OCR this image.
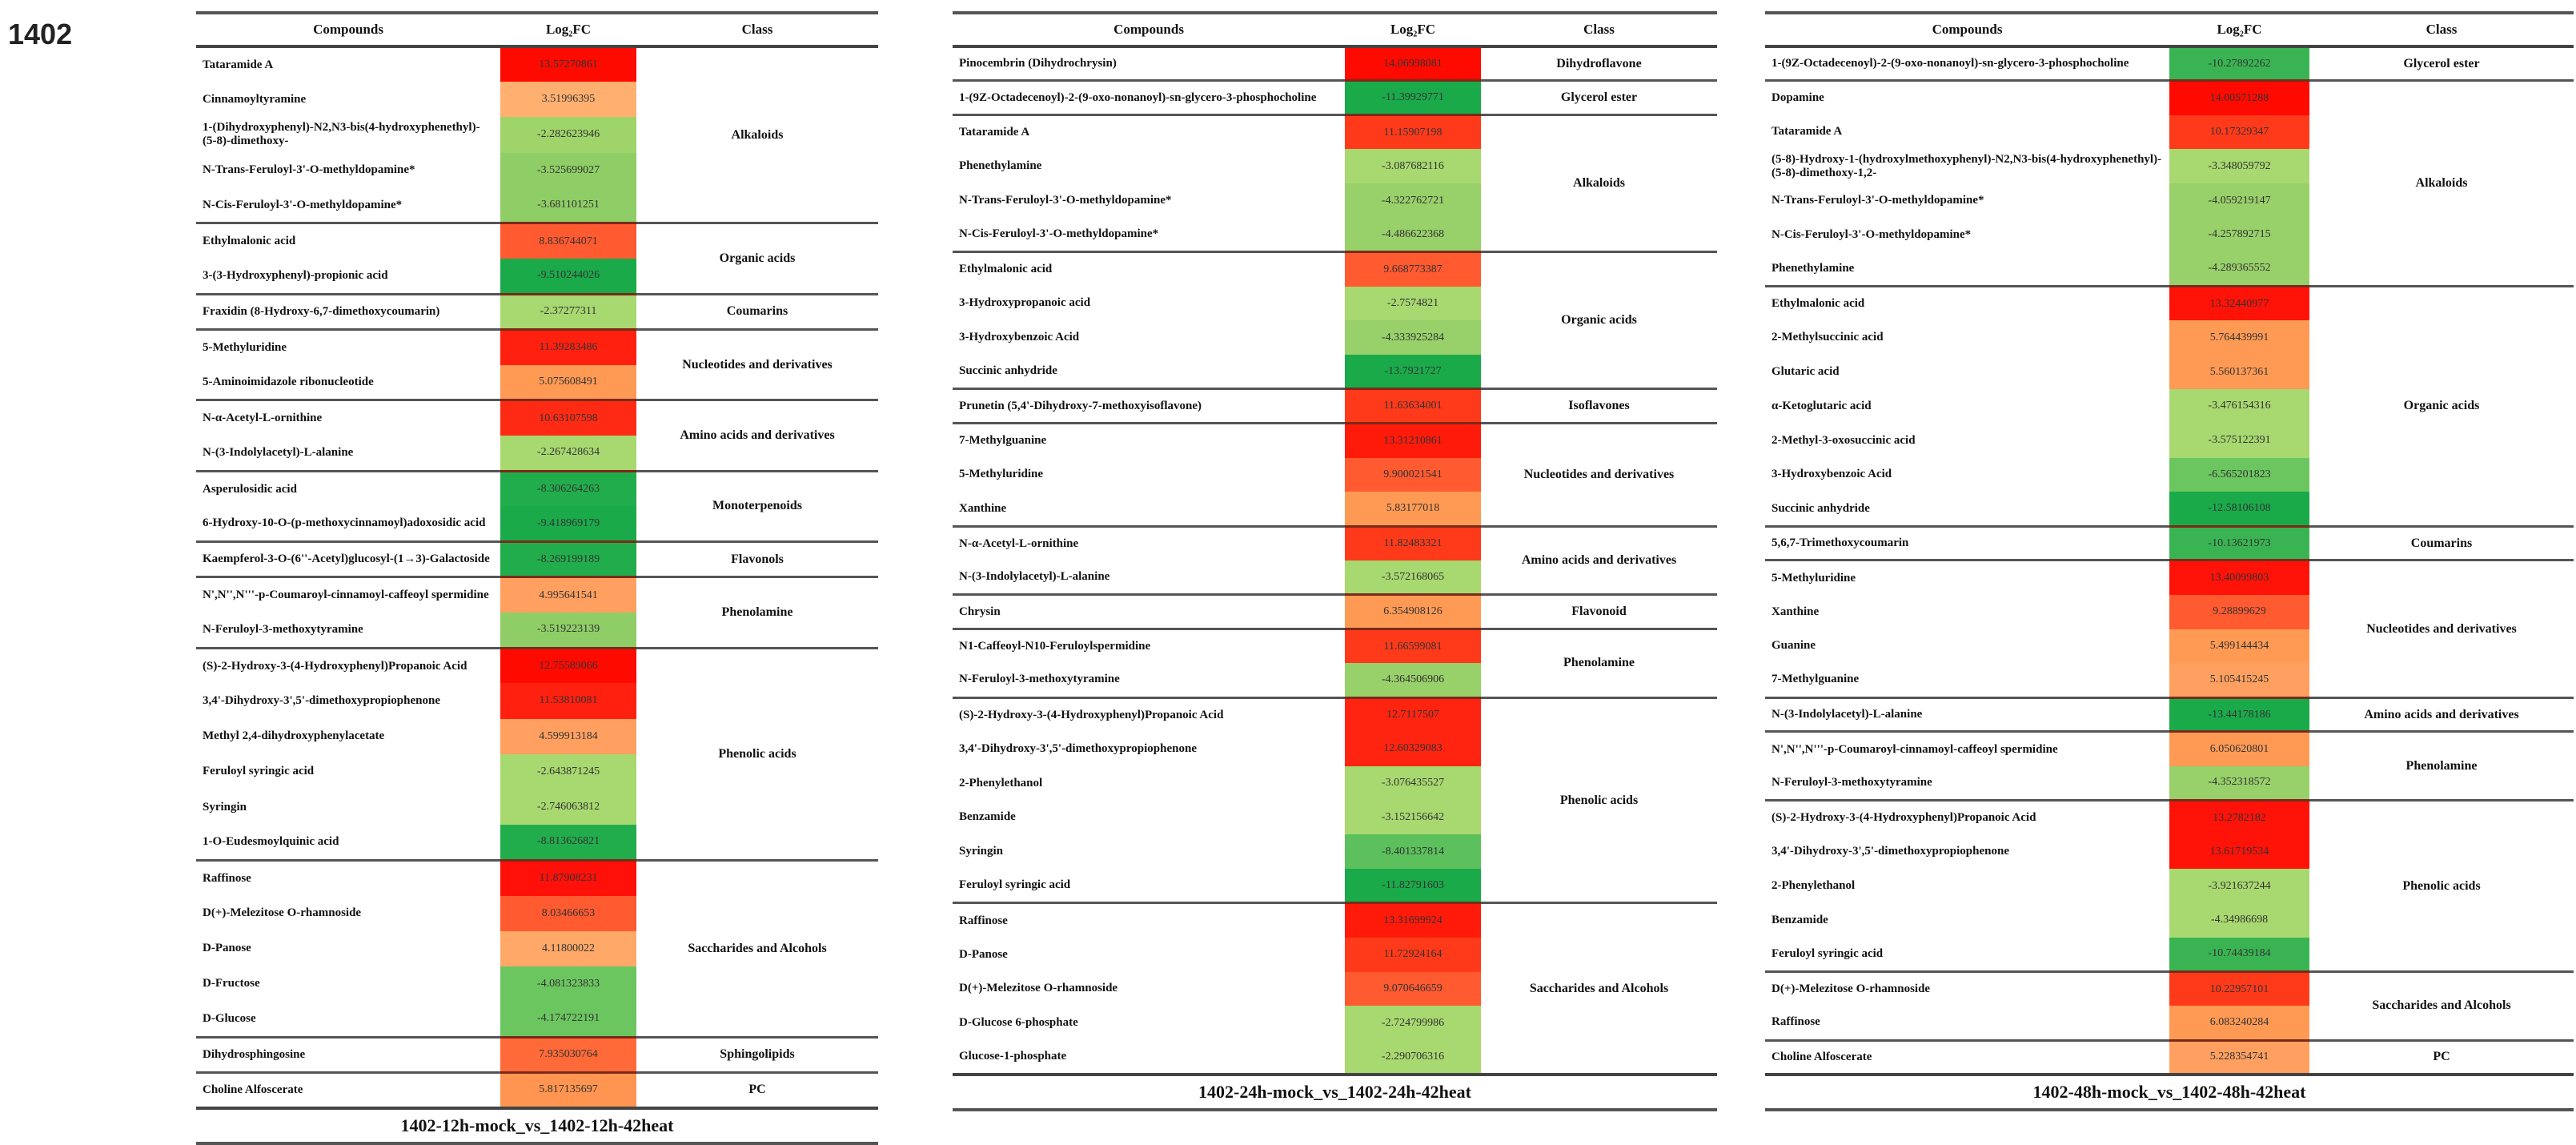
1402	Compounds	Log₂FC	Class
Tataramide A	13.57270861	Alkaloids
Cinnamoyltyramine	3.51996395	
1-(Dihydroxyphenyl)-N2,N3-bis(4-hydroxyphenethyl)-(5-8)-dimethoxy-	-2.282623946	
N-Trans-Feruloyl-3'-O-methyldopamine*	-3.525699027	
N-Cis-Feruloyl-3'-O-methyldopamine*	-3.681101251	
Ethylmalonic acid	8.836744071	Organic acids
3-(3-Hydroxyphenyl)-propionic acid	-9.510244026	
Fraxidin (8-Hydroxy-6,7-dimethoxycoumarin)	-2.37277311	Coumarins
5-Methyluridine	11.39283486	Nucleotides and derivatives
5-Aminoimidazole ribonucleotide	5.075608491	
N-α-Acetyl-L-ornithine	10.63107598	Amino acids and derivatives
N-(3-Indolylacetyl)-L-alanine	-2.267428634	
Asperulosidic acid	-8.306264263	Monoterpenoids
6-Hydroxy-10-O-(p-methoxycinnamoyl)adoxosidic acid	-9.418969179	
Kaempferol-3-O-(6''-Acetyl)glucosyl-(1→3)-Galactoside	-8.269199189	Flavonols
N',N'',N'''-p-Coumaroyl-cinnamoyl-caffeoyl spermidine	4.995641541	Phenolamine
N-Feruloyl-3-methoxytyramine	-3.519223139	
(S)-2-Hydroxy-3-(4-Hydroxyphenyl)Propanoic Acid	12.75589066	Phenolic acids
3,4'-Dihydroxy-3',5'-dimethoxypropiophenone	11.53810081	
Methyl 2,4-dihydroxyphenylacetate	4.599913184	
Feruloyl syringic acid	-2.643871245	
Syringin	-2.746063812	
1-O-Eudesmoylquinic acid	-8.813626821	
Raffinose	11.87908231	Saccharides and Alcohols
D(+)-Melezitose O-rhamnoside	8.03466653	
D-Panose	4.11800022	
D-Fructose	-4.081323833	
D-Glucose	-4.174722191	
Dihydrosphingosine	7.935030764	Sphingolipids
Choline Alfoscerate	5.817135697	PC
1402-12h-mock_vs_1402-12h-42heat		
Compounds	Log₂FC	Class
Pinocembrin (Dihydrochrysin)	14.06998081	Dihydroflavone
1-(9Z-Octadecenoyl)-2-(9-oxo-nonanoyl)-sn-glycero-3-phosphocholine	-11.39929771	Glycerol ester
Tataramide A	11.15907198	Alkaloids
Phenethylamine	-3.087682116	
N-Trans-Feruloyl-3'-O-methyldopamine*	-4.322762721	
N-Cis-Feruloyl-3'-O-methyldopamine*	-4.486622368	
Ethylmalonic acid	9.668773387	Organic acids
3-Hydroxypropanoic acid	-2.7574821	
3-Hydroxybenzoic Acid	-4.333925284	
Succinic anhydride	-13.7921727	
Prunetin (5,4'-Dihydroxy-7-methoxyisoflavone)	11.63634001	Isoflavones
7-Methylguanine	13.31210861	Nucleotides and derivatives
5-Methyluridine	9.900021541	
Xanthine	5.83177018	
N-α-Acetyl-L-ornithine	11.82483321	Amino acids and derivatives
N-(3-Indolylacetyl)-L-alanine	-3.572168065	
Chrysin	6.354908126	Flavonoid
N1-Caffeoyl-N10-Feruloylspermidine	11.66599081	Phenolamine
N-Feruloyl-3-methoxytyramine	-4.364506906	
(S)-2-Hydroxy-3-(4-Hydroxyphenyl)Propanoic Acid	12.7117507	Phenolic acids
3,4'-Dihydroxy-3',5'-dimethoxypropiophenone	12.60329083	
2-Phenylethanol	-3.076435527	
Benzamide	-3.152156642	
Syringin	-8.401337814	
Feruloyl syringic acid	-11.82791603	
Raffinose	13.31699924	Saccharides and Alcohols
D-Panose	11.72924164	
D(+)-Melezitose O-rhamnoside	9.070646659	
D-Glucose 6-phosphate	-2.724799986	
Glucose-1-phosphate	-2.290706316	
1402-24h-mock_vs_1402-24h-42heat		
Compounds	Log₂FC	Class
1-(9Z-Octadecenoyl)-2-(9-oxo-nonanoyl)-sn-glycero-3-phosphocholine	-10.27892262	Glycerol ester
Dopamine	14.00571288	Alkaloids
Tataramide A	10.17329347	
(5-8)-Hydroxy-1-(hydroxylmethoxyphenyl)-N2,N3-bis(4-hydroxyphenethyl)-(5-8)-dimethoxy-1,2-	-3.348059792	
N-Trans-Feruloyl-3'-O-methyldopamine*	-4.059219147	
N-Cis-Feruloyl-3'-O-methyldopamine*	-4.257892715	
Phenethylamine	-4.289365552	
Ethylmalonic acid	13.32440977	Organic acids
2-Methylsuccinic acid	5.764439991	
Glutaric acid	5.560137361	
α-Ketoglutaric acid	-3.476154316	
2-Methyl-3-oxosuccinic acid	-3.575122391	
3-Hydroxybenzoic Acid	-6.565201823	
Succinic anhydride	-12.58106108	
5,6,7-Trimethoxycoumarin	-10.13621973	Coumarins
5-Methyluridine	13.40099803	Nucleotides and derivatives
Xanthine	9.28899629	
Guanine	5.499144434	
7-Methylguanine	5.105415245	
N-(3-Indolylacetyl)-L-alanine	-13.44178186	Amino acids and derivatives
N',N'',N'''-p-Coumaroyl-cinnamoyl-caffeoyl spermidine	6.050620801	Phenolamine
N-Feruloyl-3-methoxytyramine	-4.352318572	
(S)-2-Hydroxy-3-(4-Hydroxyphenyl)Propanoic Acid	13.2782182	Phenolic acids
3,4'-Dihydroxy-3',5'-dimethoxypropiophenone	13.61719534	
2-Phenylethanol	-3.921637244	
Benzamide	-4.34986698	
Feruloyl syringic acid	-10.74439184	
D(+)-Melezitose O-rhamnoside	10.22957101	Saccharides and Alcohols
Raffinose	6.083240284	
Choline Alfoscerate	5.228354741	PC
1402-48h-mock_vs_1402-48h-42heat		
